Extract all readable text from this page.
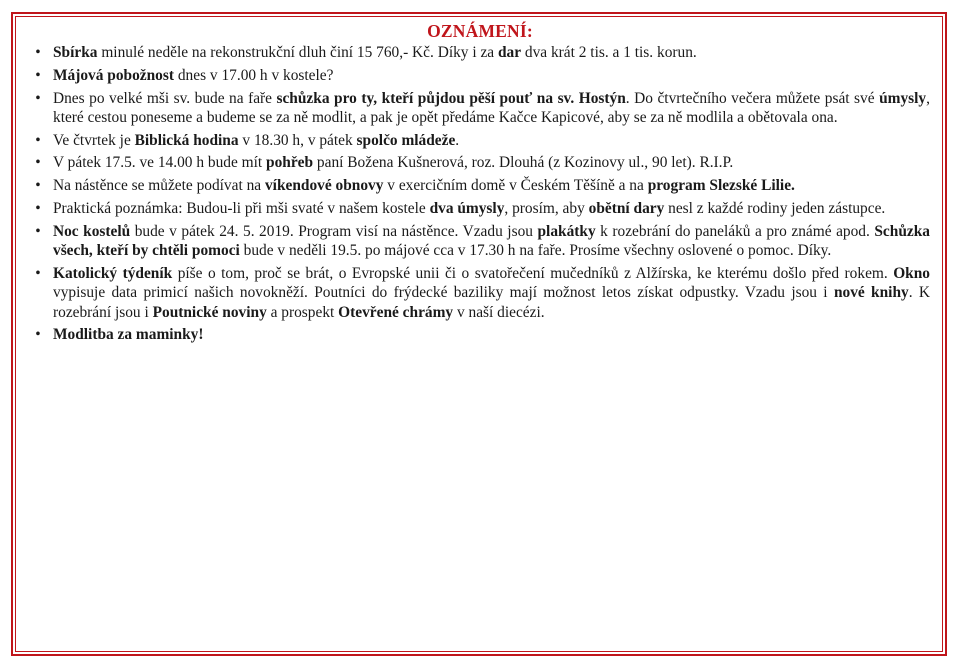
OZNÁMENÍ:
• Sbírka minulé neděle na rekonstrukční dluh činí 15 760,- Kč. Díky i za dar dva krát 2 tis. a 1 tis. korun.
• Májová pobožnost dnes v 17.00 h v kostele?
• Dnes po velké mši sv. bude na faře schůzka pro ty, kteří půjdou pěší pouť na sv. Hostýn. Do čtvrtečního večera můžete psát své úmysly, které cestou poneseme a budeme se za ně modlit, a pak je opět předáme Kačce Kapicové, aby se za ně modlila a obětovala ona.
• Ve čtvrtek je Biblická hodina v 18.30 h, v pátek spolčo mládeže.
• V pátek 17.5. ve 14.00 h bude mít pohřeb paní Božena Kušnerová, roz. Dlouhá (z Kozinovy ul., 90 let). R.I.P.
• Na nástěnce se můžete podívat na víkendové obnovy v exercičním domě v Českém Těšíně a na program Slezské Lilie.
• Praktická poznámka: Budou-li při mši svaté v našem kostele dva úmysly, prosím, aby obětní dary nesl z každé rodiny jeden zástupce.
• Noc kostelů bude v pátek 24. 5. 2019. Program visí na nástěnce. Vzadu jsou plakátky k rozebrání do paneláků a pro známé apod. Schůzka všech, kteří by chtěli pomoci bude v neděli 19.5. po májové cca v 17.30 h na faře. Prosíme všechny oslovené o pomoc. Díky.
• Katolický týdeník píše o tom, proč se brát, o Evropské unii či o svatořečení mučedníků z Alžírska, ke kterému došlo před rokem. Okno vypisuje data primicí našich novokněží. Poutníci do frýdecké baziliky mají možnost letos získat odpustky. Vzadu jsou i nové knihy. K rozebrání jsou i Poutnické noviny a prospekt Otevřené chrámy v naší diecézi.
• Modlitba za maminky!
